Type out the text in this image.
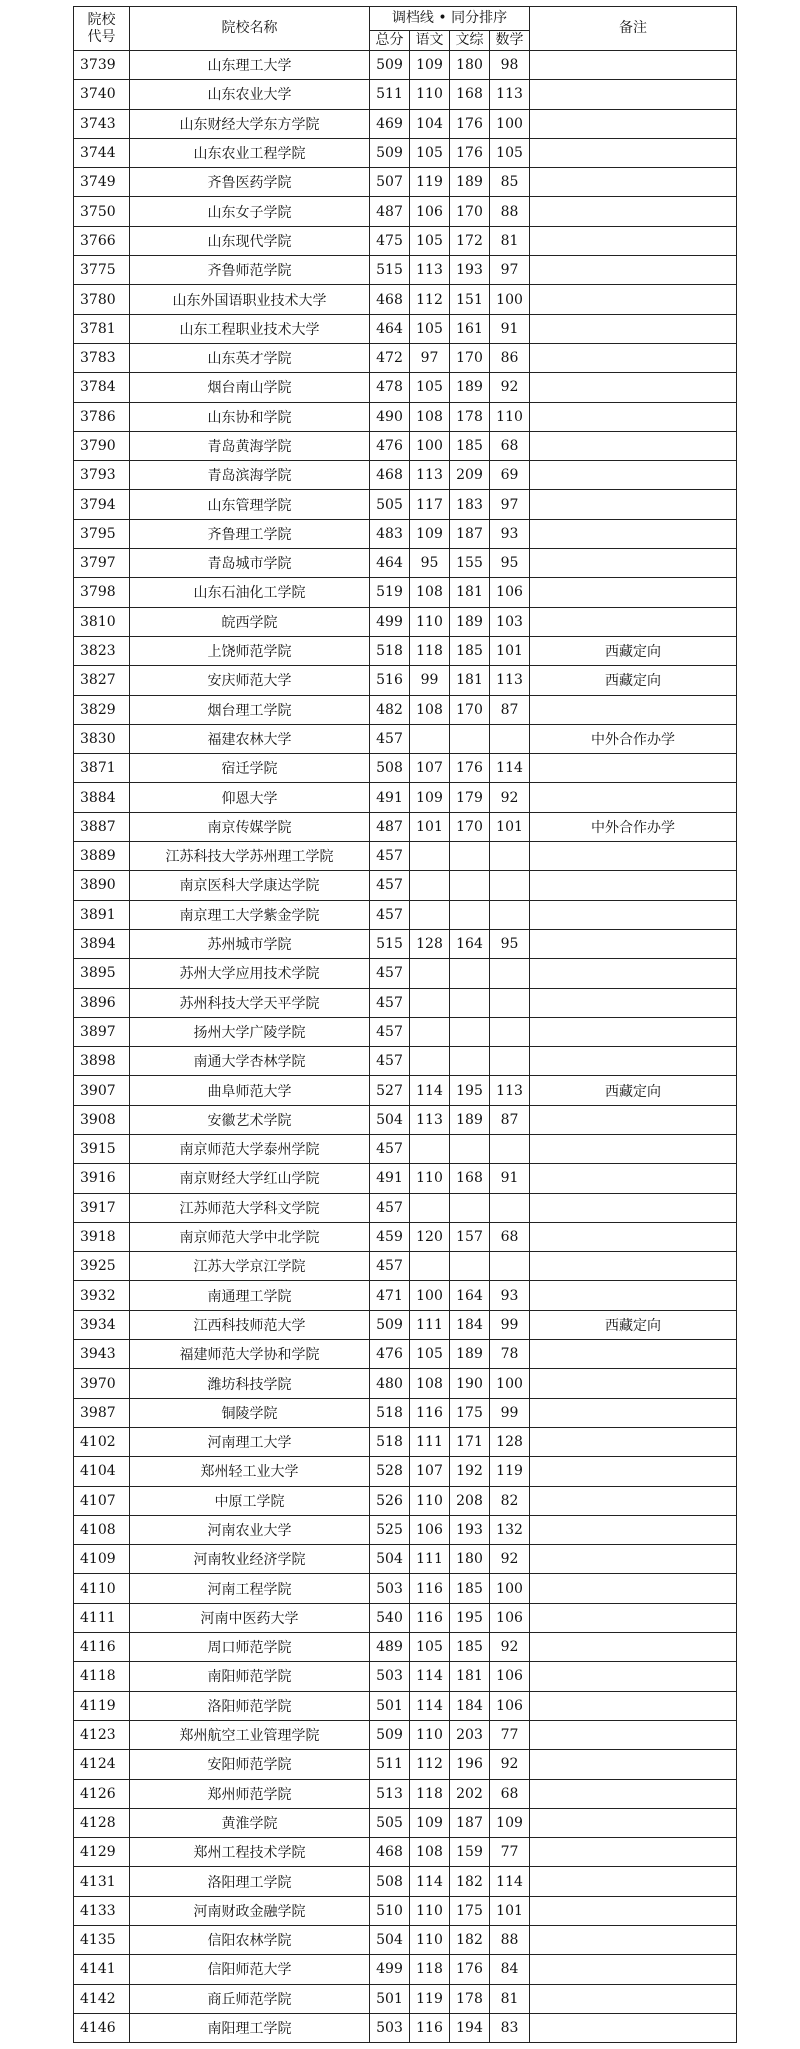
院校
代号	院校名称	调档线 • 同分排序				备注
		总分	语文	文综	数学	
3739	山东理工大学	509	109	180	98	
3740	山东农业大学	511	110	168	113	
3743	山东财经大学东方学院	469	104	176	100	
3744	山东农业工程学院	509	105	176	105	
3749	齐鲁医药学院	507	119	189	85	
3750	山东女子学院	487	106	170	88	
3766	山东现代学院	475	105	172	81	
3775	齐鲁师范学院	515	113	193	97	
3780	山东外国语职业技术大学	468	112	151	100	
3781	山东工程职业技术大学	464	105	161	91	
3783	山东英才学院	472	97	170	86	
3784	烟台南山学院	478	105	189	92	
3786	山东协和学院	490	108	178	110	
3790	青岛黄海学院	476	100	185	68	
3793	青岛滨海学院	468	113	209	69	
3794	山东管理学院	505	117	183	97	
3795	齐鲁理工学院	483	109	187	93	
3797	青岛城市学院	464	95	155	95	
3798	山东石油化工学院	519	108	181	106	
3810	皖西学院	499	110	189	103	
3823	上饶师范学院	518	118	185	101	西藏定向
3827	安庆师范大学	516	99	181	113	西藏定向
3829	烟台理工学院	482	108	170	87	
3830	福建农林大学	457				中外合作办学
3871	宿迁学院	508	107	176	114	
3884	仰恩大学	491	109	179	92	
3887	南京传媒学院	487	101	170	101	中外合作办学
3889	江苏科技大学苏州理工学院	457				
3890	南京医科大学康达学院	457				
3891	南京理工大学紫金学院	457				
3894	苏州城市学院	515	128	164	95	
3895	苏州大学应用技术学院	457				
3896	苏州科技大学天平学院	457				
3897	扬州大学广陵学院	457				
3898	南通大学杏林学院	457				
3907	曲阜师范大学	527	114	195	113	西藏定向
3908	安徽艺术学院	504	113	189	87	
3915	南京师范大学泰州学院	457				
3916	南京财经大学红山学院	491	110	168	91	
3917	江苏师范大学科文学院	457				
3918	南京师范大学中北学院	459	120	157	68	
3925	江苏大学京江学院	457				
3932	南通理工学院	471	100	164	93	
3934	江西科技师范大学	509	111	184	99	西藏定向
3943	福建师范大学协和学院	476	105	189	78	
3970	潍坊科技学院	480	108	190	100	
3987	铜陵学院	518	116	175	99	
4102	河南理工大学	518	111	171	128	
4104	郑州轻工业大学	528	107	192	119	
4107	中原工学院	526	110	208	82	
4108	河南农业大学	525	106	193	132	
4109	河南牧业经济学院	504	111	180	92	
4110	河南工程学院	503	116	185	100	
4111	河南中医药大学	540	116	195	106	
4116	周口师范学院	489	105	185	92	
4118	南阳师范学院	503	114	181	106	
4119	洛阳师范学院	501	114	184	106	
4123	郑州航空工业管理学院	509	110	203	77	
4124	安阳师范学院	511	112	196	92	
4126	郑州师范学院	513	118	202	68	
4128	黄淮学院	505	109	187	109	
4129	郑州工程技术学院	468	108	159	77	
4131	洛阳理工学院	508	114	182	114	
4133	河南财政金融学院	510	110	175	101	
4135	信阳农林学院	504	110	182	88	
4141	信阳师范大学	499	118	176	84	
4142	商丘师范学院	501	119	178	81	
4146	南阳理工学院	503	116	194	83	
